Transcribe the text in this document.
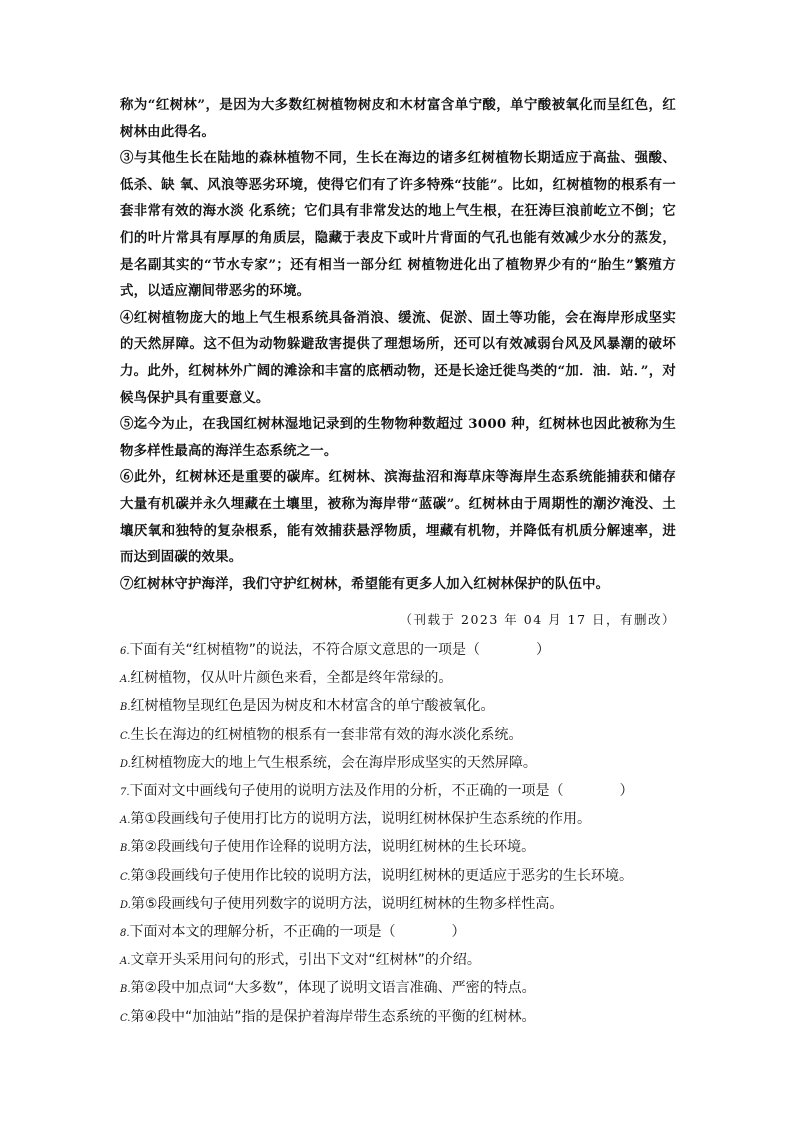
称为“红树林”，是因为大多数红树植物树皮和木材富含单宁酸，单宁酸被氧化而呈红色，红树林由此得名。

③与其他生长在陆地的森林植物不同，生长在海边的诸多红树植物长期适应于高盐、强酸、低杀、缺 氧、风浪等恶劣环境，使得它们有了许多特殊“技能”。比如，红树植物的根系有一套非常有效的海水淡 化系统；它们具有非常发达的地上气生根，在狂涛巨浪前屹立不倒；它们的叶片常具有厚厚的角质层，隐藏于表皮下或叶片背面的气孔也能有效减少水分的蒸发，是名副其实的“节水专家”；还有相当一部分红 树植物进化出了植物界少有的“胎生”繁殖方式，以适应潮间带恶劣的环境。

④红树植物庞大的地上气生根系统具备消浪、缓流、促淤、固土等功能，会在海岸形成坚实的天然屏障。这不但为动物躲避敌害提供了理想场所，还可以有效减弱台风及风暴潮的破坏力。此外，红树林外广阔的滩涂和丰富的底栖动物，还是长途迁徙鸟类的“加．油．站．”，对候鸟保护具有重要意义。

⑤迄今为止，在我国红树林湿地记录到的生物物种数超过 3000 种，红树林也因此被称为生物多样性最高的海洋生态系统之一。

⑥此外，红树林还是重要的碳库。红树林、滨海盐沼和海草床等海岸生态系统能捕获和储存大量有机碳并永久埋藏在土壤里，被称为海岸带“蓝碳”。红树林由于周期性的潮汐淹没、土壤厌氧和独特的复杂根系，能有效捕获悬浮物质，埋藏有机物，并降低有机质分解速率，进而达到固碳的效果。

⑦红树林守护海洋，我们守护红树林，希望能有更多人加入红树林保护的队伍中。

（刊载于 2023 年 04 月 17 日，有删改）
6.下面有关“红树植物”的说法，不符合原文意思的一项是（　　　　）
A.红树植物，仅从叶片颜色来看，全都是终年常绿的。
B.红树植物呈现红色是因为树皮和木材富含的单宁酸被氧化。
C.生长在海边的红树植物的根系有一套非常有效的海水淡化系统。
D.红树植物庞大的地上气生根系统，会在海岸形成坚实的天然屏障。
7.下面对文中画线句子使用的说明方法及作用的分析，不正确的一项是（　　　　）
A.第①段画线句子使用打比方的说明方法，说明红树林保护生态系统的作用。
B.第②段画线句子使用作诠释的说明方法，说明红树林的生长环境。
C.第③段画线句子使用作比较的说明方法，说明红树林的更适应于恶劣的生长环境。
D.第⑤段画线句子使用列数字的说明方法，说明红树林的生物多样性高。
8.下面对本文的理解分析，不正确的一项是（　　　　）
A.文章开头采用问句的形式，引出下文对“红树林”的介绍。
B.第②段中加点词“大多数”，体现了说明文语言准确、严密的特点。
C.第④段中“加油站”指的是保护着海岸带生态系统的平衡的红树林。
